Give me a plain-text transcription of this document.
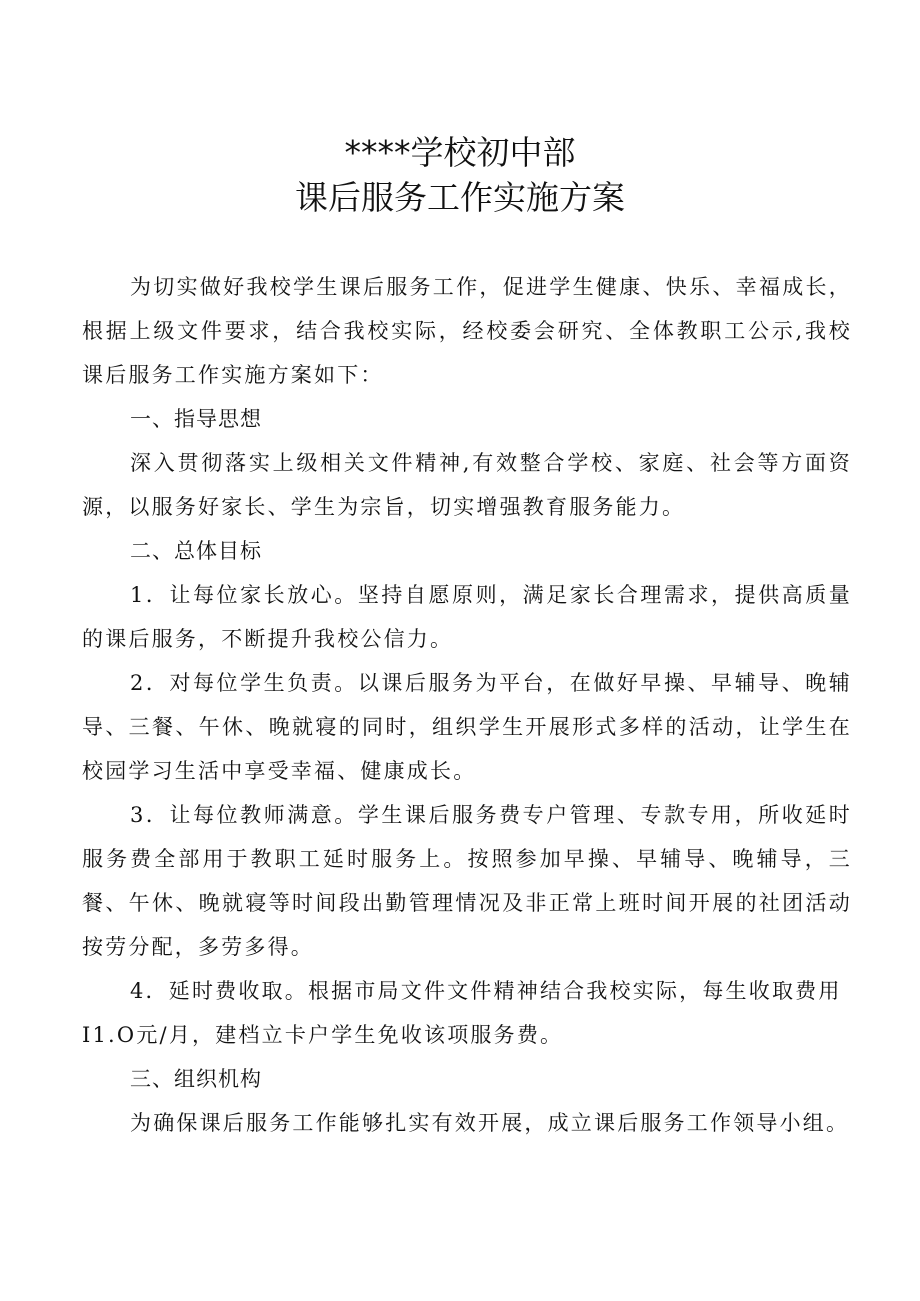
****学校初中部
课后服务工作实施方案
为切实做好我校学生课后服务工作，促进学生健康、快乐、幸福成长，根据上级文件要求，结合我校实际，经校委会研究、全体教职工公示,我校课后服务工作实施方案如下：
一、指导思想
深入贯彻落实上级相关文件精神,有效整合学校、家庭、社会等方面资源，以服务好家长、学生为宗旨，切实增强教育服务能力。
二、总体目标
1．让每位家长放心。坚持自愿原则，满足家长合理需求，提供高质量的课后服务，不断提升我校公信力。
2．对每位学生负责。以课后服务为平台，在做好早操、早辅导、晚辅导、三餐、午休、晚就寝的同时，组织学生开展形式多样的活动，让学生在校园学习生活中享受幸福、健康成长。
3．让每位教师满意。学生课后服务费专户管理、专款专用，所收延时服务费全部用于教职工延时服务上。按照参加早操、早辅导、晚辅导，三餐、午休、晚就寝等时间段出勤管理情况及非正常上班时间开展的社团活动按劳分配，多劳多得。
4．延时费收取。根据市局文件文件精神结合我校实际，每生收取费用
I1.O元/月，建档立卡户学生免收该项服务费。
三、组织机构
为确保课后服务工作能够扎实有效开展，成立课后服务工作领导小组。
